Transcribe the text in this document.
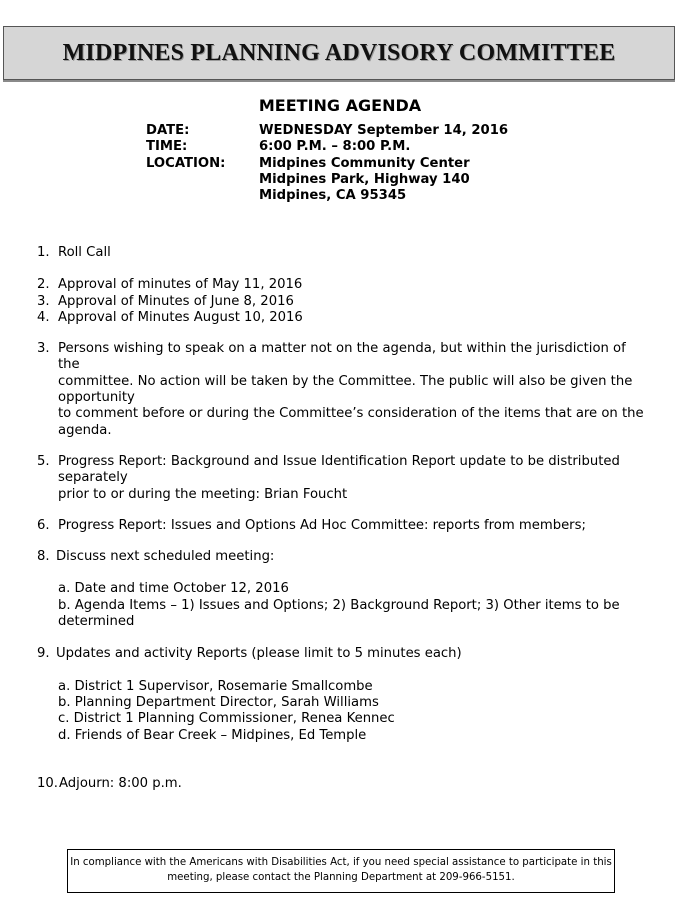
MIDPINES PLANNING ADVISORY COMMITTEE
MEETING AGENDA
DATE:	WEDNESDAY September 14, 2016
TIME:	6:00 P.M. – 8:00 P.M.
LOCATION:	Midpines Community Center
Midpines Park, Highway 140
Midpines, CA 95345
1. Roll Call
2. Approval of minutes of May 11, 2016
3. Approval of Minutes of June 8, 2016
4. Approval of Minutes August 10, 2016
3. Persons wishing to speak on a matter not on the agenda, but within the jurisdiction of the
committee. No action will be taken by the Committee. The public will also be given the opportunity
to comment before or during the Committee’s consideration of the items that are on the agenda.
5. Progress Report: Background and Issue Identification Report update to be distributed separately
prior to or during the meeting: Brian Foucht
6. Progress Report: Issues and Options Ad Hoc Committee: reports from members;
8. Discuss next scheduled meeting:
a. Date and time October 12, 2016
b. Agenda Items – 1) Issues and Options; 2) Background Report; 3) Other items to be determined
9. Updates and activity Reports (please limit to 5 minutes each)
a. District 1 Supervisor, Rosemarie Smallcombe
b. Planning Department Director, Sarah Williams
c. District 1 Planning Commissioner, Renea Kennec
d. Friends of Bear Creek – Midpines, Ed Temple
10. Adjourn: 8:00 p.m.
In compliance with the Americans with Disabilities Act, if you need special assistance to participate in this
meeting, please contact the Planning Department at 209-966-5151.
